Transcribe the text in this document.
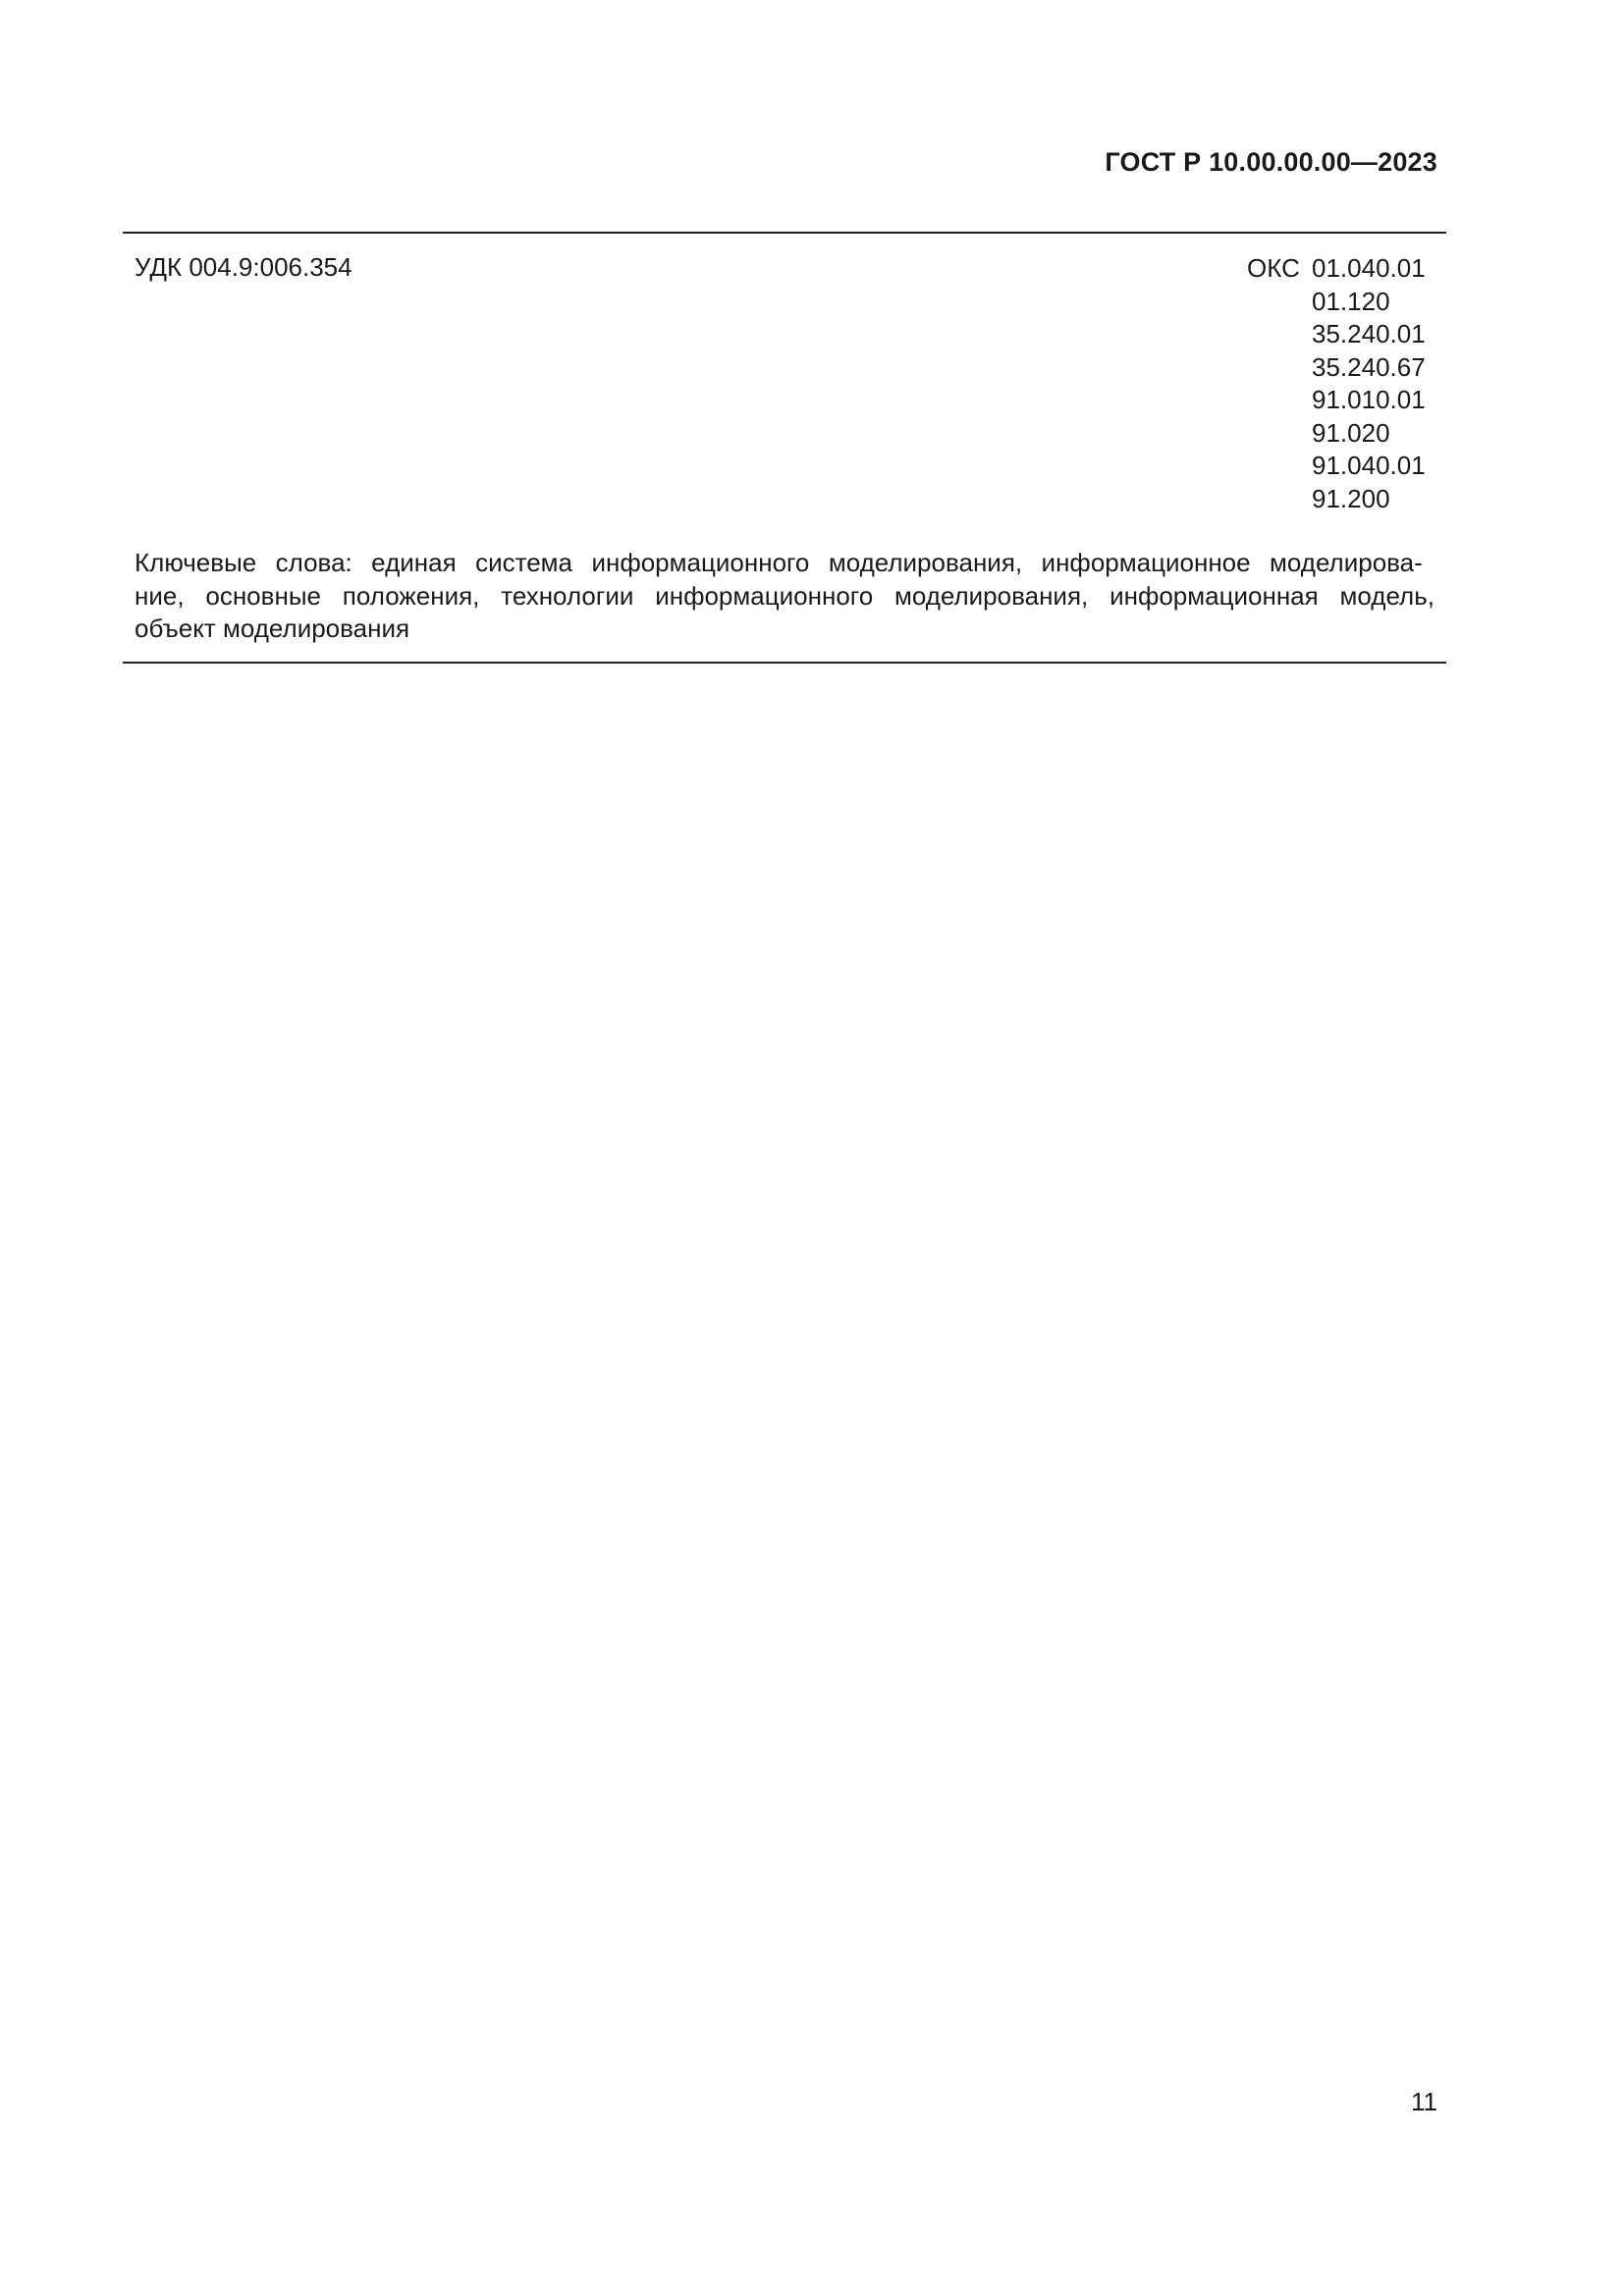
ГОСТ Р 10.00.00.00—2023
УДК 004.9:006.354	ОКС 01.040.01
01.120
35.240.01
35.240.67
91.010.01
91.020
91.040.01
91.200
Ключевые слова: единая система информационного моделирования, информационное моделирова-
ние, основные положения, технологии информационного моделирования, информационная модель,
объект моделирования
11
